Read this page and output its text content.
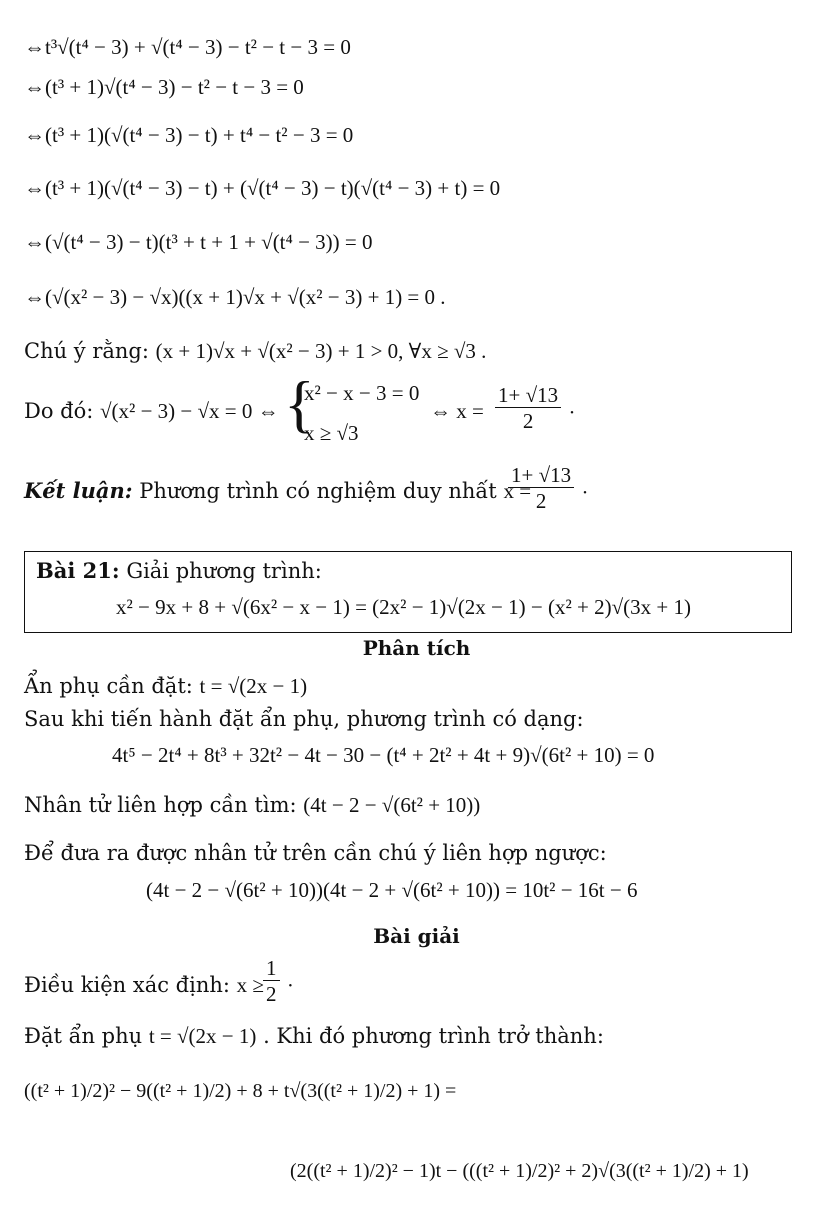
⇔t³√(t⁴ − 3) + √(t⁴ − 3) − t² − t − 3 = 0
⇔(t³ + 1)√(t⁴ − 3) − t² − t − 3 = 0
⇔(t³ + 1)(√(t⁴ − 3) − t) + t⁴ − t² − 3 = 0
⇔(t³ + 1)(√(t⁴ − 3) − t) + (√(t⁴ − 3) − t)(√(t⁴ − 3) + t) = 0
⇔(√(t⁴ − 3) − t)(t³ + t + 1 + √(t⁴ − 3)) = 0
⇔(√(x² − 3) − √x)((x + 1)√x + √(x² − 3) + 1) = 0 .
Chú ý rằng: (x + 1)√x + √(x² − 3) + 1 > 0, ∀x ≥ √3 .
Do đó: √(x² − 3) − √x = 0 ⇔ {
x² − x − 3 = 0
x ≥ √3
⇔ $x = \frac{1+ √13}{2}$ .
Kết luận: Phương trình có nghiệm duy nhất x =
$\frac{1+ √13}{2}$ .
Bài 21: Giải phương trình:
x² − 9x + 8 + √(6x² − x − 1) = (2x² − 1)√(2x − 1) − (x² + 2)√(3x + 1)
Phân tích
Ẩn phụ cần đặt: t = √(2x − 1)
Sau khi tiến hành đặt ẩn phụ, phương trình có dạng:
4t⁵ − 2t⁴ + 8t³ + 32t² − 4t − 30 − (t⁴ + 2t² + 4t + 9)√(6t² + 10) = 0
Nhân tử liên hợp cần tìm: (4t − 2 − √(6t² + 10))
Để đưa ra được nhân tử trên cần chú ý liên hợp ngược:
(4t − 2 − √(6t² + 10))(4t − 2 + √(6t² + 10)) = 10t² − 16t − 6
Bài giải
Điều kiện xác định: $x \ge \frac{1}{2}$ .
Đặt ẩn phụ t = √(2x − 1) . Khi đó phương trình trở thành:
((t² + 1)/2)² − 9((t² + 1)/2) + 8 + t√(3((t² + 1)/2) + 1) =
(2((t² + 1)/2)² − 1)t − (((t² + 1)/2)² + 2)√(3((t² + 1)/2) + 1)
